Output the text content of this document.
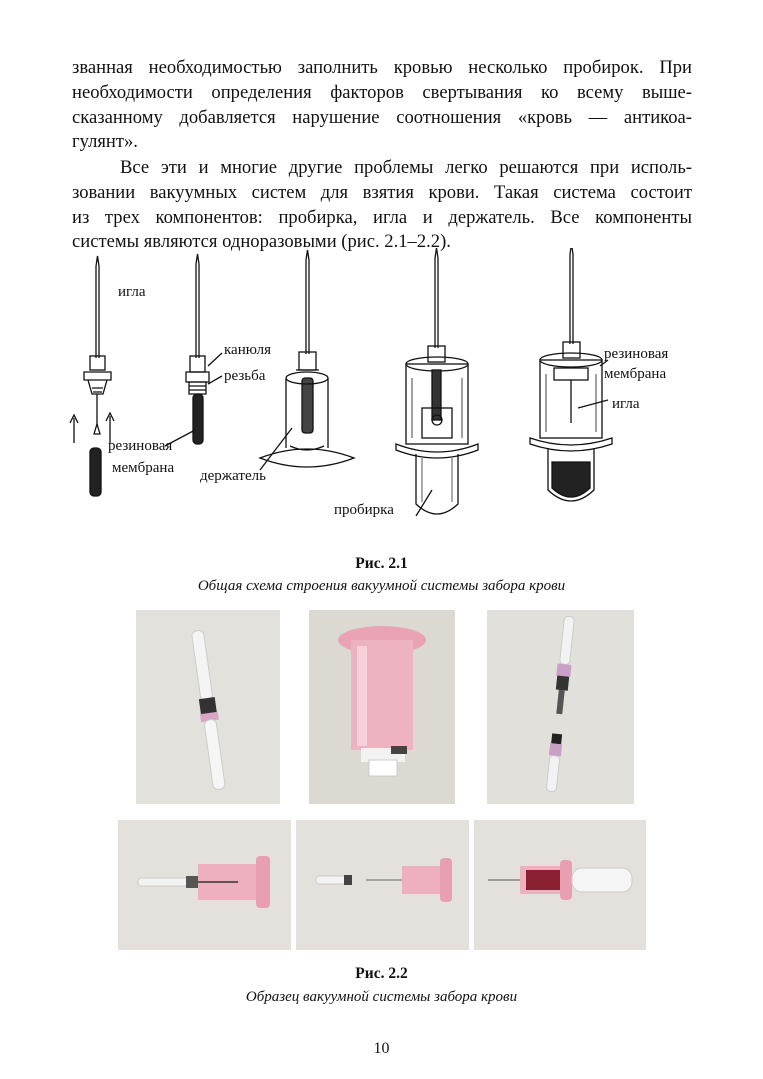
званная необходимостью заполнить кровью несколько пробирок. При
необходимости определения факторов свертывания ко всему выше-
сказанному добавляется нарушение соотношения «кровь — антикоа-
гулянт».
Все эти и многие другие проблемы легко решаются при исполь-
зовании вакуумных систем для взятия крови. Такая система состоит
из трех компонентов: пробирка, игла и держатель. Все компоненты
системы являются одноразовыми (рис. 2.1–2.2).
игла
канюля
резьба
резиновая
мембрана держатель
пробирка
резиновая
мембрана
игла
Рис. 2.1
Общая схема строения вакуумной системы забора крови
Рис. 2.2
Образец вакуумной системы забора крови
10
